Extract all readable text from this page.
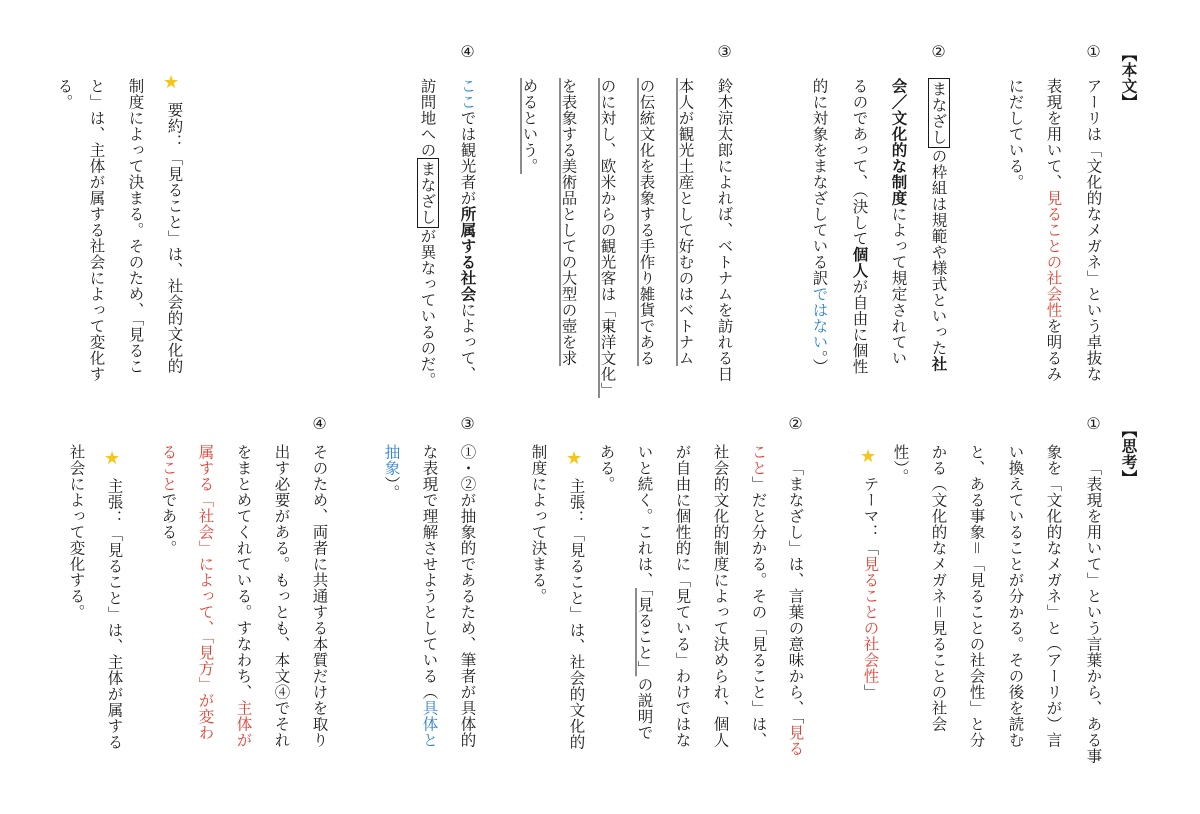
【本文】
①
アーリは「文化的なメガネ」という卓抜な
表現を用いて、見ることの社会性を明るみ
にだしている。
②
まなざしの枠組は規範や様式といった社
会／文化的な制度によって規定されてい
るのであって、（決して個人が自由に個性
的に対象をまなざしている訳ではない。）
③
鈴木涼太郎によれば、ベトナムを訪れる日
本人が観光土産として好むのはベトナム
の伝統文化を表象する手作り雑貨である
のに対し、欧米からの観光客は「東洋文化」
を表象する美術品としての大型の壺を求
めるという。
④
ここでは観光者が所属する社会によって、
訪問地へのまなざしが異なっているのだ。
★
要約：「見ること」は、社会的文化的
制度によって決まる。そのため、「見るこ
と」は、主体が属する社会によって変化す
る。
【思考】
①
「表現を用いて」という言葉から、ある事
象を「文化的なメガネ」と（アーリが）言
い換えていることが分かる。その後を読む
と、ある事象＝「見ることの社会性」と分
かる（文化的なメガネ＝見ることの社会
性）。
★
テーマ：「見ることの社会性」
②
「まなざし」は、言葉の意味から、「見る
こと」だと分かる。その「見ること」は、
社会的文化的制度によって決められ、個人
が自由に個性的に「見ている」わけではな
いと続く。これは、「見ること」の説明で
ある。
★
主張：「見ること」は、社会的文化的
制度によって決まる。
③
①・②が抽象的であるため、筆者が具体的
な表現で理解させようとしている（具体と
抽象）。
④
そのため、両者に共通する本質だけを取り
出す必要がある。もっとも、本文④でそれ
をまとめてくれている。すなわち、主体が
属する「社会」によって、「見方」が変わ
ることである。
★
主張：「見ること」は、主体が属する
社会によって変化する。
